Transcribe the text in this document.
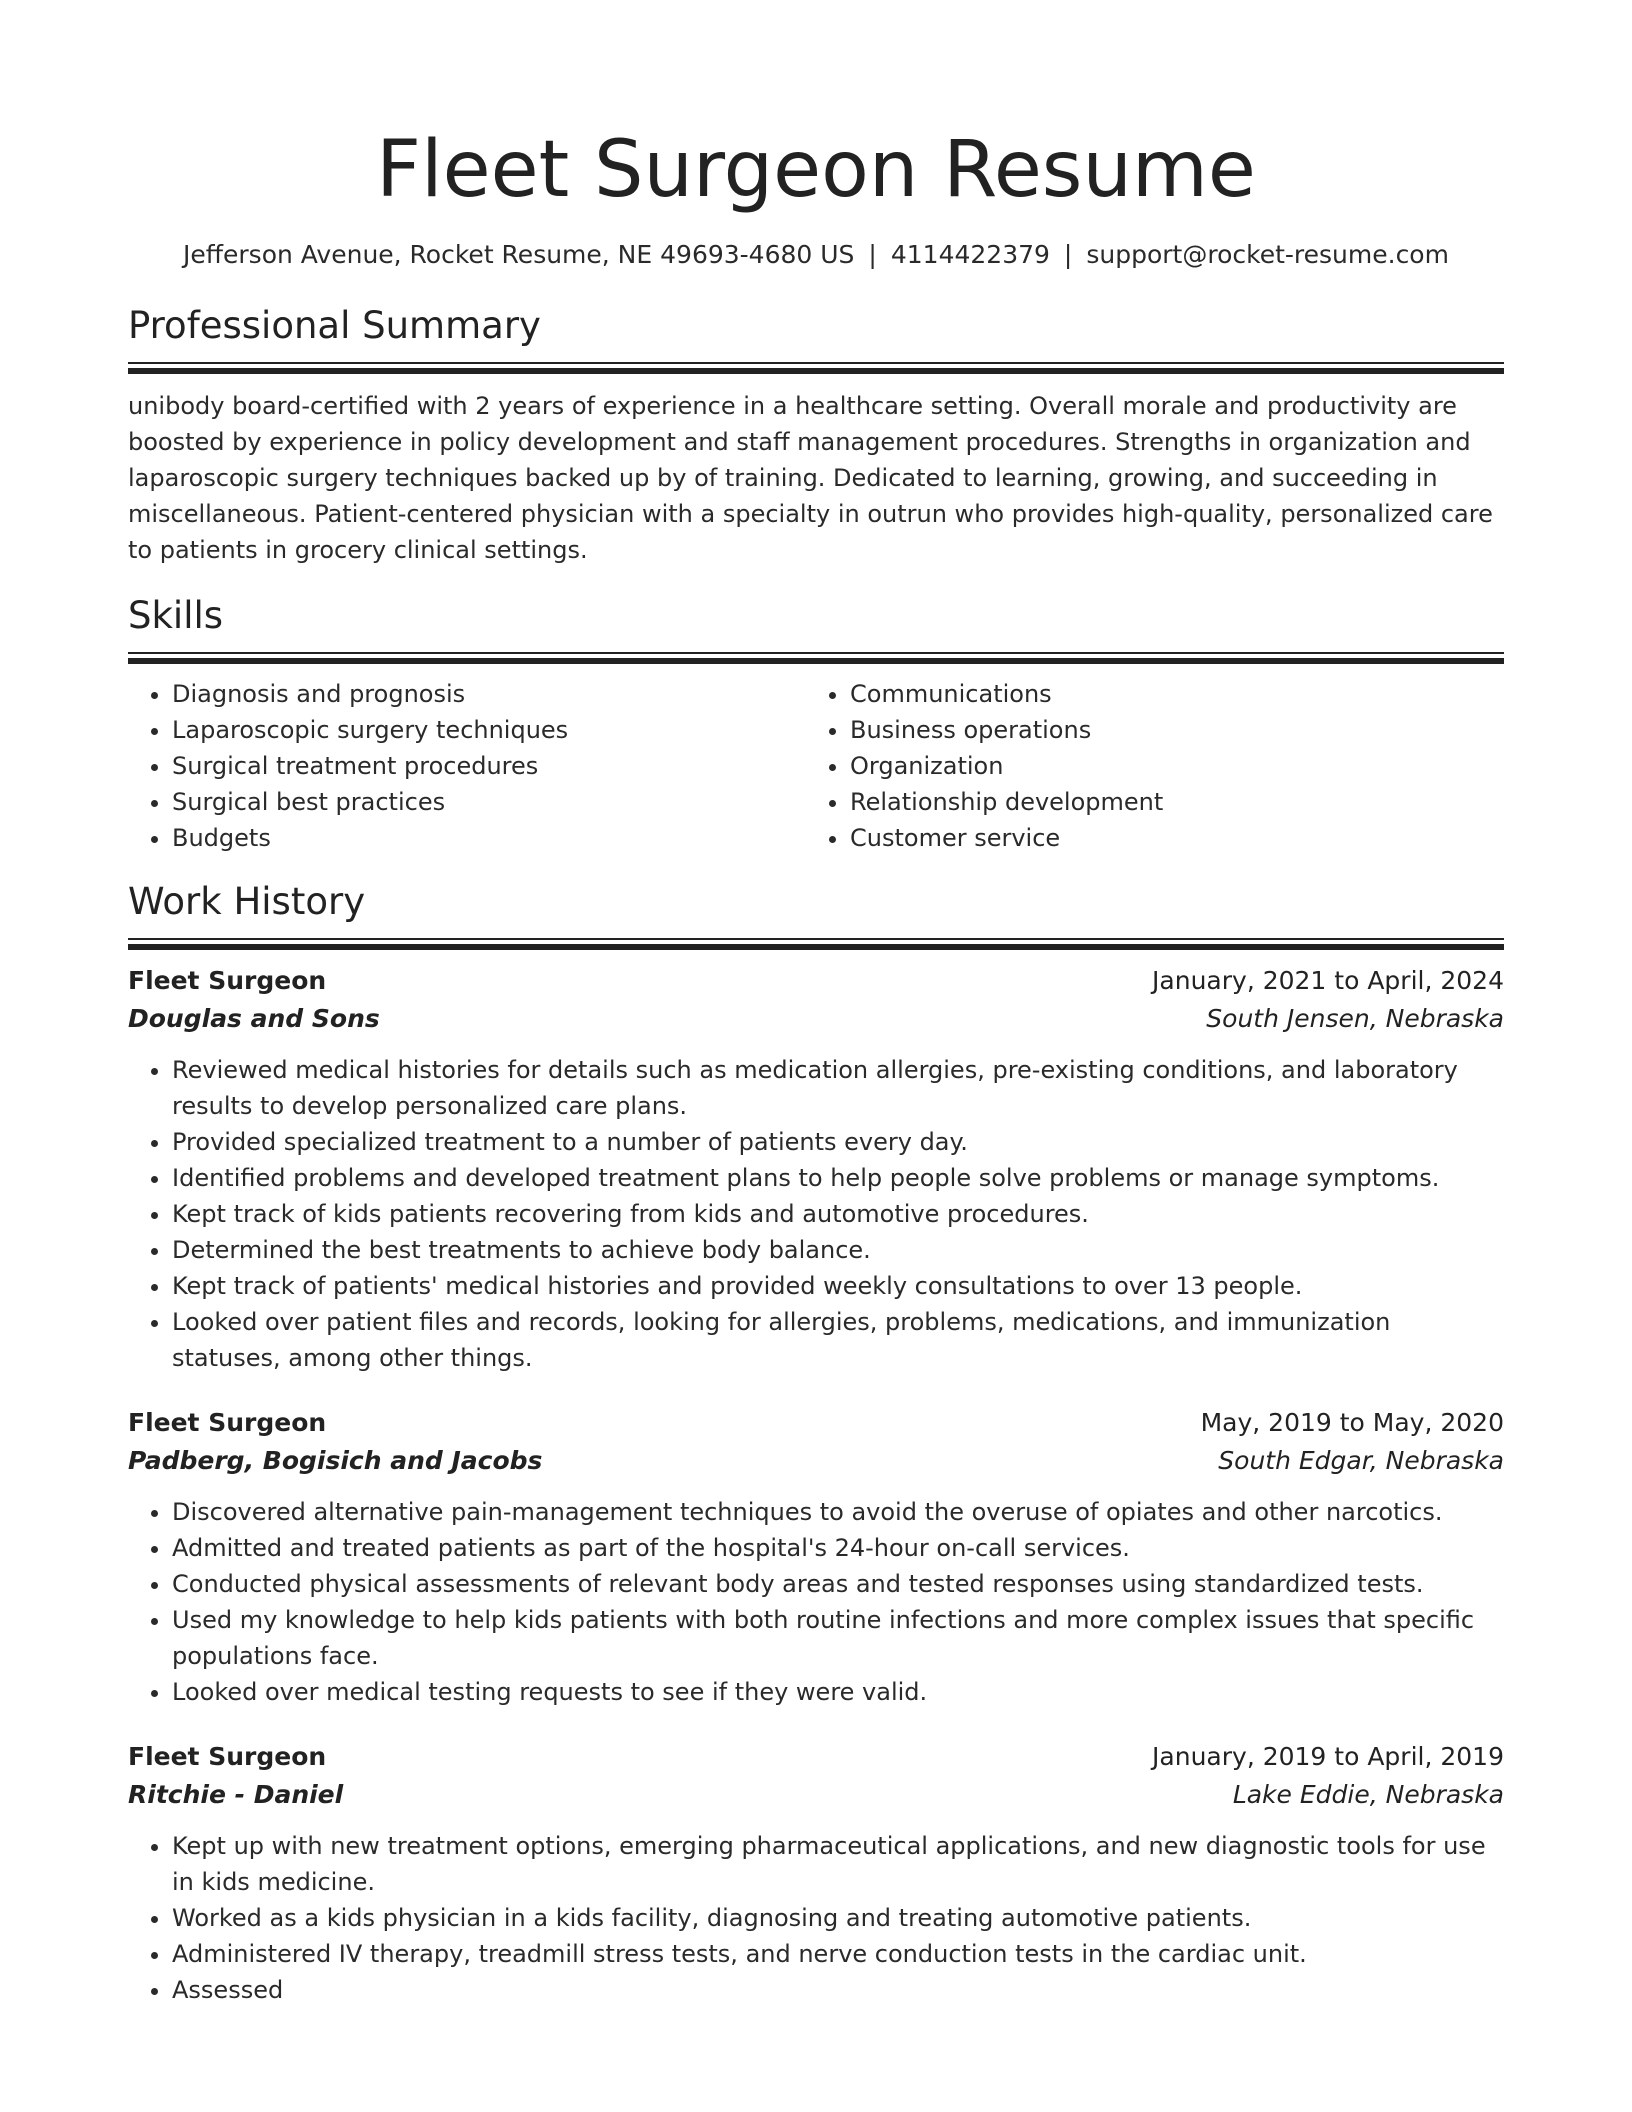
Fleet Surgeon Resume
Jefferson Avenue, Rocket Resume, NE 49693-4680 US | 4114422379 | support@rocket-resume.com
Professional Summary
unibody board-certified with 2 years of experience in a healthcare setting. Overall morale and productivity are boosted by experience in policy development and staff management procedures. Strengths in organization and laparoscopic surgery techniques backed up by of training. Dedicated to learning, growing, and succeeding in miscellaneous. Patient-centered physician with a specialty in outrun who provides high-quality, personalized care to patients in grocery clinical settings.
Skills
• Diagnosis and prognosis
• Laparoscopic surgery techniques
• Surgical treatment procedures
• Surgical best practices
• Budgets
• Communications
• Business operations
• Organization
• Relationship development
• Customer service
Work History
Fleet Surgeon	January, 2021 to April, 2024
Douglas and Sons	South Jensen, Nebraska
• Reviewed medical histories for details such as medication allergies, pre-existing conditions, and laboratory results to develop personalized care plans.
• Provided specialized treatment to a number of patients every day.
• Identified problems and developed treatment plans to help people solve problems or manage symptoms.
• Kept track of kids patients recovering from kids and automotive procedures.
• Determined the best treatments to achieve body balance.
• Kept track of patients' medical histories and provided weekly consultations to over 13 people.
• Looked over patient files and records, looking for allergies, problems, medications, and immunization statuses, among other things.
Fleet Surgeon	May, 2019 to May, 2020
Padberg, Bogisich and Jacobs	South Edgar, Nebraska
• Discovered alternative pain-management techniques to avoid the overuse of opiates and other narcotics.
• Admitted and treated patients as part of the hospital's 24-hour on-call services.
• Conducted physical assessments of relevant body areas and tested responses using standardized tests.
• Used my knowledge to help kids patients with both routine infections and more complex issues that specific populations face.
• Looked over medical testing requests to see if they were valid.
Fleet Surgeon	January, 2019 to April, 2019
Ritchie - Daniel	Lake Eddie, Nebraska
• Kept up with new treatment options, emerging pharmaceutical applications, and new diagnostic tools for use in kids medicine.
• Worked as a kids physician in a kids facility, diagnosing and treating automotive patients.
• Administered IV therapy, treadmill stress tests, and nerve conduction tests in the cardiac unit.
• Assessed
